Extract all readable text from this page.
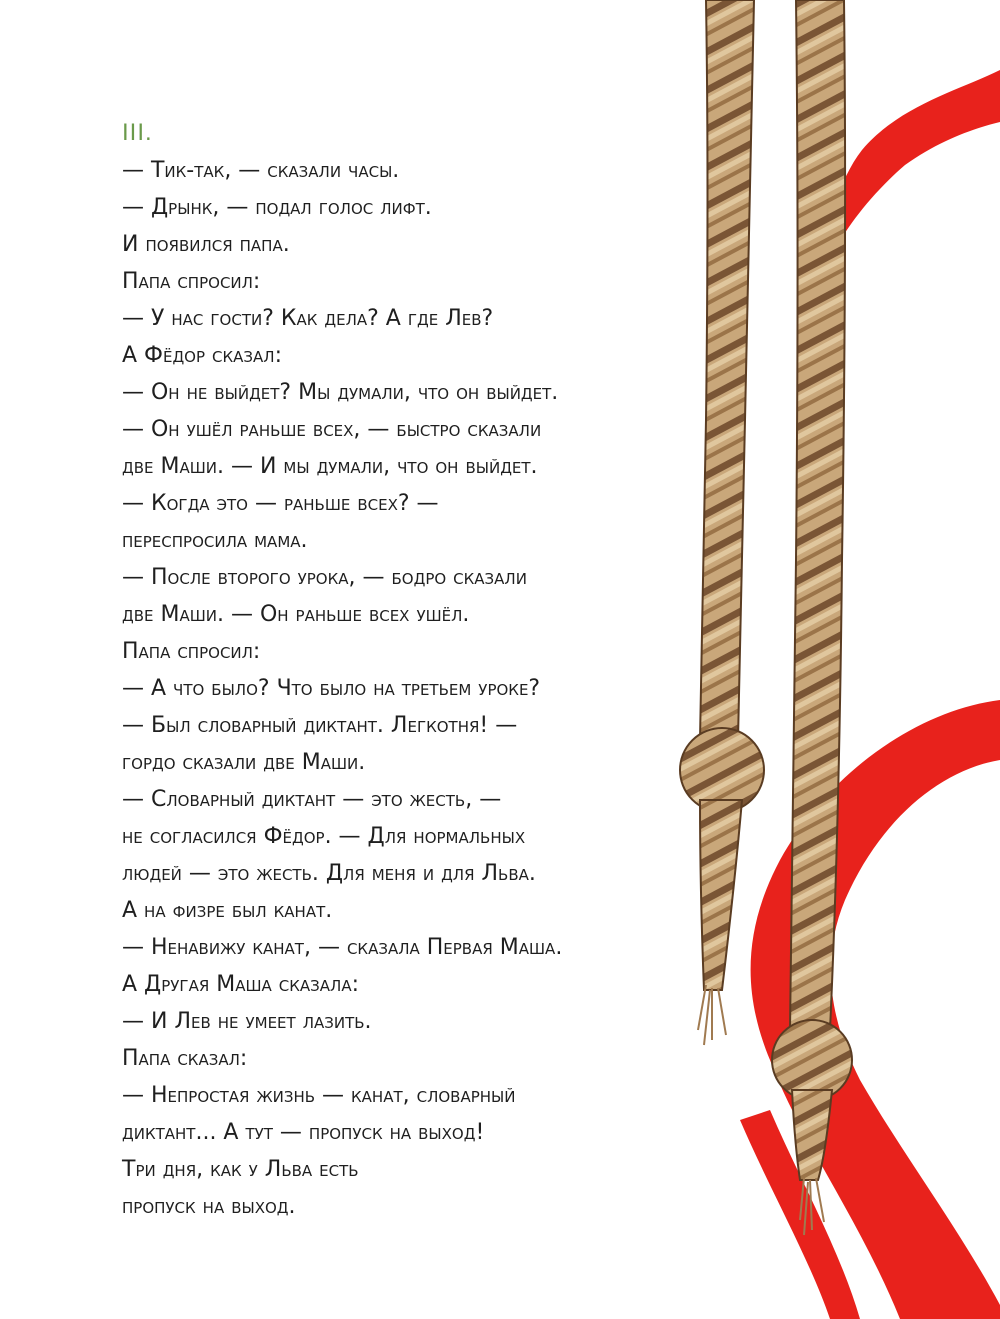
III.

— Тик-так, — сказали часы.

— Дрынк, — подал голос лифт.

И появился папа.

Папа спросил:

— У нас гости? Как дела? А где Лев?

А Фёдор сказал:

— Он не выйдет? Мы думали, что он выйдет.

— Он ушёл раньше всех, — быстро сказали

две Маши. — И мы думали, что он выйдет.

— Когда это — раньше всех? —

переспросила мама.

— После второго урока, — бодро сказали

две Маши. — Он раньше всех ушёл.

Папа спросил:

— А что было? Что было на третьем уроке?

— Был словарный диктант. Легкотня! —

гордо сказали две Маши.

— Словарный диктант — это жесть, —

не согласился Фёдор. — Для нормальных

людей — это жесть. Для меня и для Льва.

А на физре был канат.

— Ненавижу канат, — сказала Первая Маша.

А Другая Маша сказала:

— И Лев не умеет лазить.

Папа сказал:

— Непростая жизнь — канат, словарный

диктант... А тут — пропуск на выход!

Три дня, как у Льва есть

пропуск на выход.
